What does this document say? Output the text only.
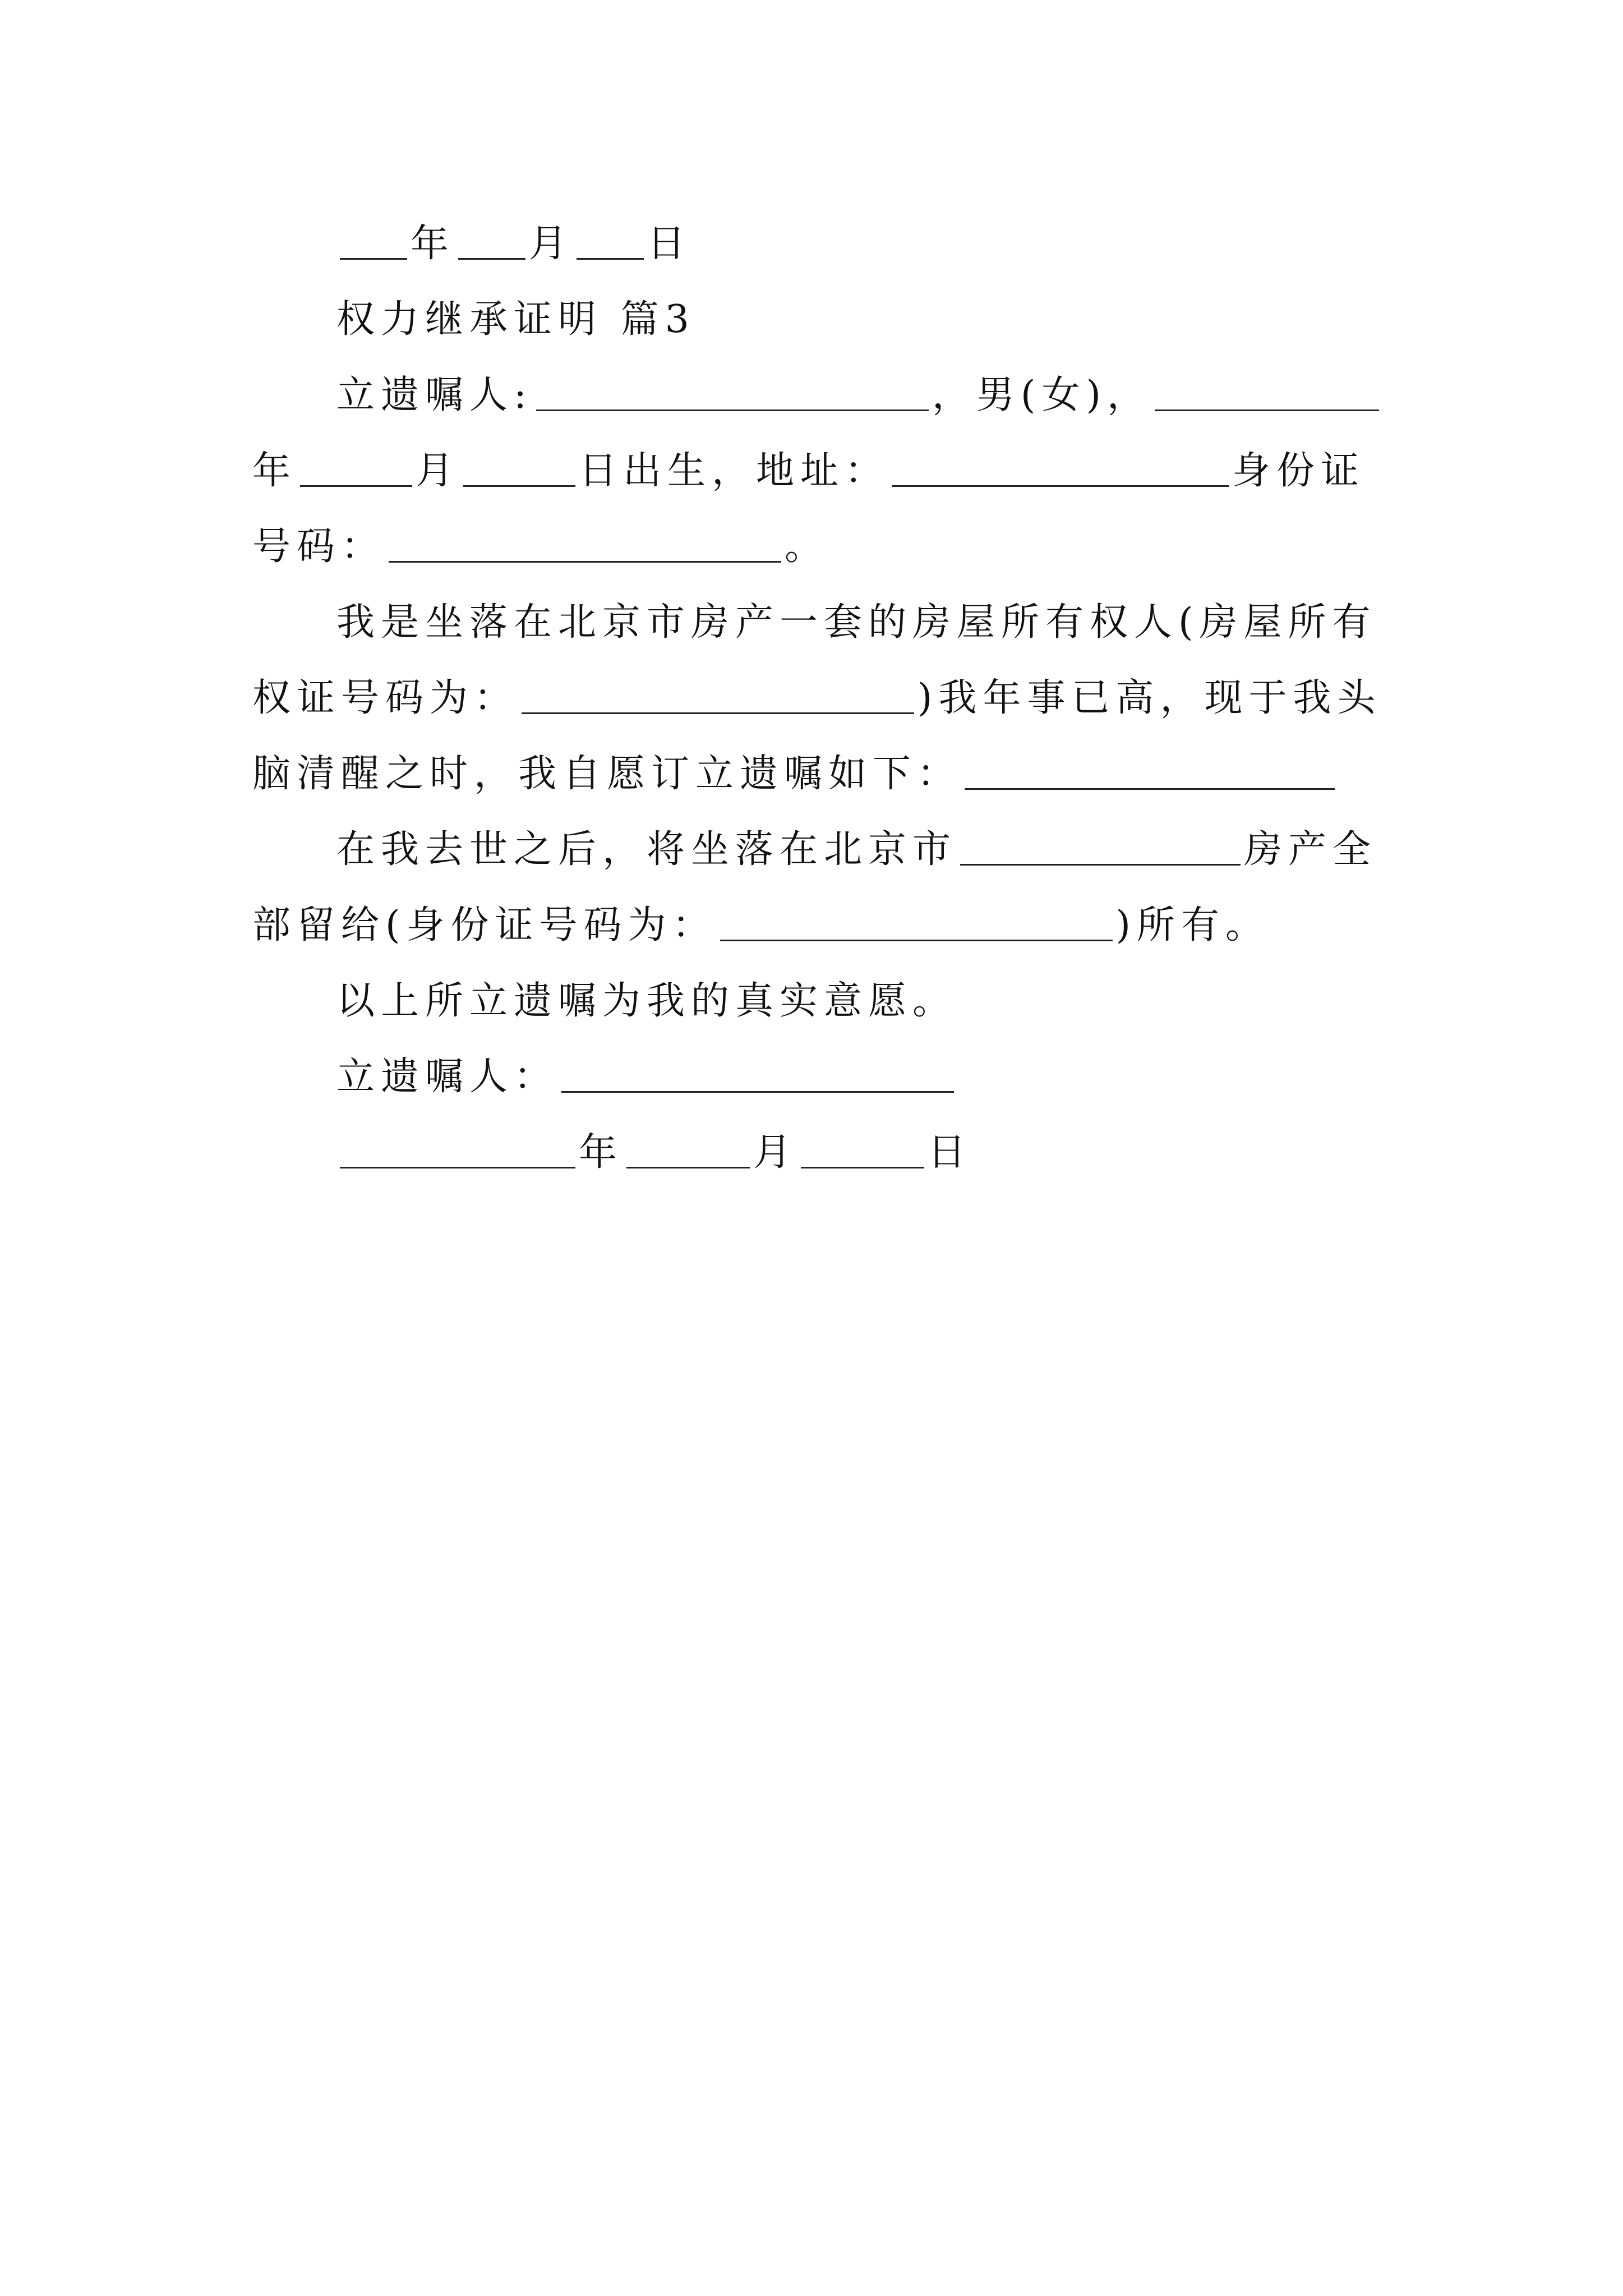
年 月 日
权力继承证明 篇3
立遗嘱人:	，男(女)，
年	月	日出生，地址：	身份证
号码：	。
我是坐落在北京市房产一套的房屋所有权人(房屋所有
权证号码为：	)我年事已高，现于我头
脑清醒之时，我自愿订立遗嘱如下：
在我去世之后，将坐落在北京市	房产全
部留给(身份证号码为：	)所有。
以上所立遗嘱为我的真实意愿。
立遗嘱人：
年	月	日
